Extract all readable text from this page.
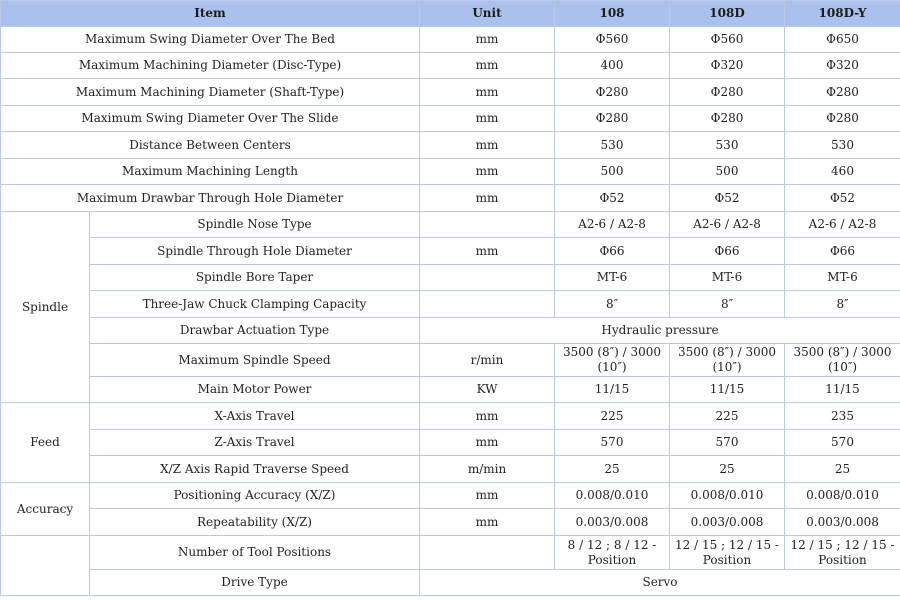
Item		Unit	108	108D	108D-Y
Maximum Swing Diameter Over The Bed		mm	Φ560	Φ560	Φ650
Maximum Machining Diameter (Disc-Type)		mm	400	Φ320	Φ320
Maximum Machining Diameter (Shaft-Type)		mm	Φ280	Φ280	Φ280
Maximum Swing Diameter Over The Slide		mm	Φ280	Φ280	Φ280
Distance Between Centers		mm	530	530	530
Maximum Machining Length		mm	500	500	460
Maximum Drawbar Through Hole Diameter		mm	Φ52	Φ52	Φ52
Spindle	Spindle Nose Type		A2-6 / A2-8	A2-6 / A2-8	A2-6 / A2-8
	Spindle Through Hole Diameter	mm	Φ66	Φ66	Φ66
	Spindle Bore Taper		MT-6	MT-6	MT-6
	Three-Jaw Chuck Clamping Capacity		8″	8″	8″
	Drawbar Actuation Type	Hydraulic pressure			
	Maximum Spindle Speed	r/min	3500 (8″) / 3000 (10″)	3500 (8″) / 3000 (10″)	3500 (8″) / 3000 (10″)
	Main Motor Power	KW	11/15	11/15	11/15
Feed	X-Axis Travel	mm	225	225	235
	Z-Axis Travel	mm	570	570	570
	X/Z Axis Rapid Traverse Speed	m/min	25	25	25
Accuracy	Positioning Accuracy (X/Z)	mm	0.008/0.010	0.008/0.010	0.008/0.010
	Repeatability (X/Z)	mm	0.003/0.008	0.003/0.008	0.003/0.008
	Number of Tool Positions		8 / 12 ; 8 / 12 - Position	12 / 15 ; 12 / 15 - Position	12 / 15 ; 12 / 15 - Position
	Drive Type	Servo			
